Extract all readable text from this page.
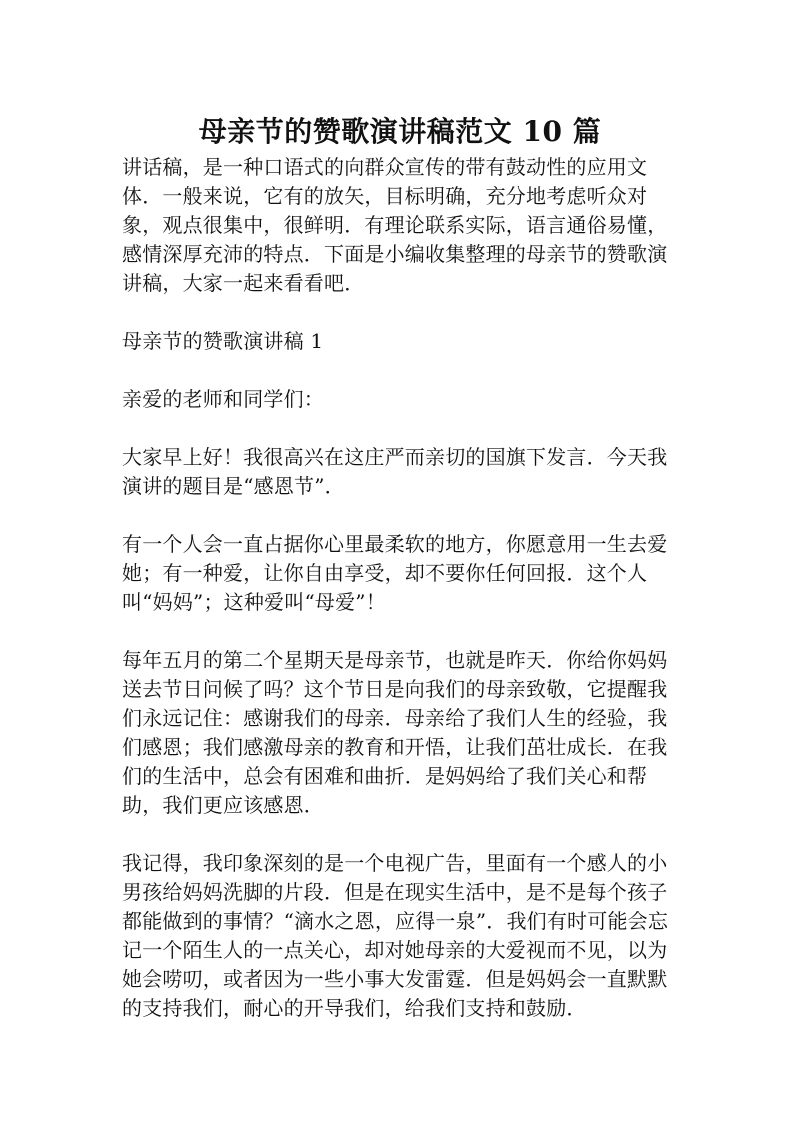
母亲节的赞歌演讲稿范文 10 篇

讲话稿，是一种口语式的向群众宣传的带有鼓动性的应用文体．一般来说，它有的放矢，目标明确，充分地考虑听众对象，观点很集中，很鲜明．有理论联系实际，语言通俗易懂，感情深厚充沛的特点．下面是小编收集整理的母亲节的赞歌演讲稿，大家一起来看看吧．

母亲节的赞歌演讲稿 1

亲爱的老师和同学们：

大家早上好！我很高兴在这庄严而亲切的国旗下发言．今天我演讲的题目是“感恩节”．

有一个人会一直占据你心里最柔软的地方，你愿意用一生去爱她；有一种爱，让你自由享受，却不要你任何回报．这个人叫“妈妈”；这种爱叫“母爱”！

每年五月的第二个星期天是母亲节，也就是昨天．你给你妈妈送去节日问候了吗？这个节日是向我们的母亲致敬，它提醒我们永远记住：感谢我们的母亲．母亲给了我们人生的经验，我们感恩；我们感激母亲的教育和开悟，让我们茁壮成长．在我们的生活中，总会有困难和曲折．是妈妈给了我们关心和帮助，我们更应该感恩．

我记得，我印象深刻的是一个电视广告，里面有一个感人的小男孩给妈妈洗脚的片段．但是在现实生活中，是不是每个孩子都能做到的事情？“滴水之恩，应得一泉”．我们有时可能会忘记一个陌生人的一点关心，却对她母亲的大爱视而不见，以为她会唠叨，或者因为一些小事大发雷霆．但是妈妈会一直默默的支持我们，耐心的开导我们，给我们支持和鼓励．
